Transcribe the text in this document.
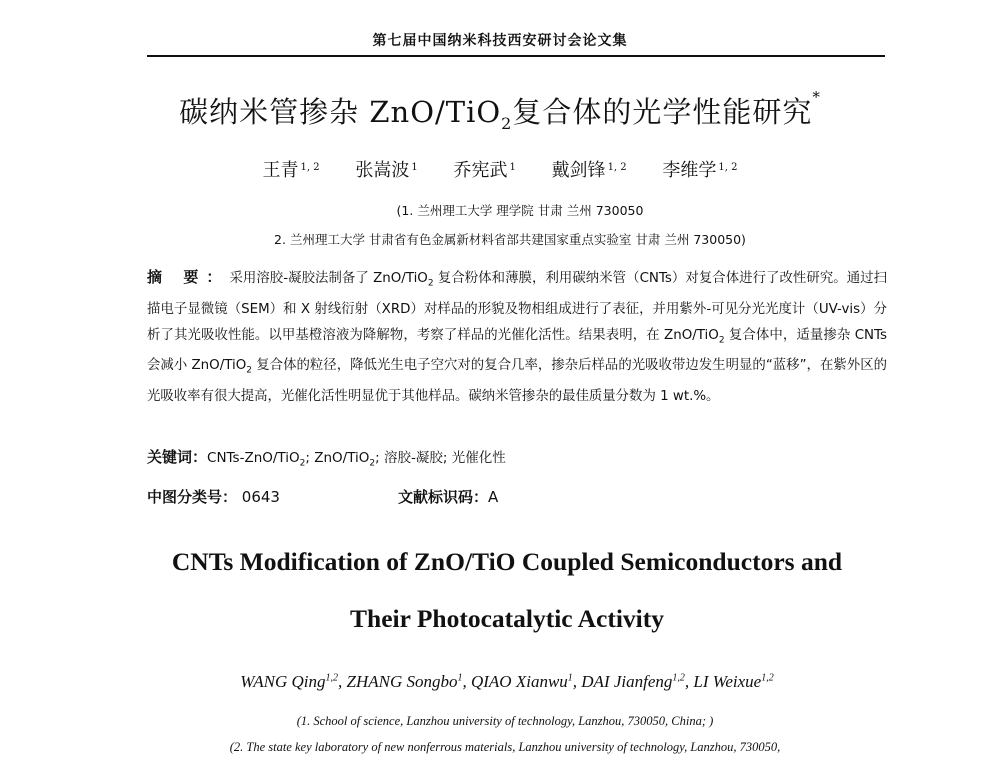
第七届中国纳米科技西安研讨会论文集
碳纳米管掺杂 ZnO/TiO$_2$复合体的光学性能研究*
王青 $^{1, 2}$ 张嵩波 $^1$ 乔宪武 $^1$ 戴剑锋 $^{1, 2}$ 李维学 $^{1, 2}$
(1. 兰州理工大学 理学院 甘肃 兰州 730050
2. 兰州理工大学 甘肃省有色金属新材料省部共建国家重点实验室 甘肃 兰州 730050)
摘 要：采用溶胶-凝胶法制备了 ZnO/TiO$_2$ 复合粉体和薄膜，利用碳纳米管（CNTs）对复合体进行了改性研究。通过扫描电子显微镜（SEM）和 X 射线衍射（XRD）对样品的形貌及物相组成进行了表征，并用紫外-可见分光光度计（UV-vis）分析了其光吸收性能。以甲基橙溶液为降解物，考察了样品的光催化活性。结果表明，在 ZnO/TiO$_2$ 复合体中，适量掺杂 CNTs 会减小 ZnO/TiO$_2$ 复合体的粒径，降低光生电子空穴对的复合几率，掺杂后样品的光吸收带边发生明显的“蓝移”，在紫外区的光吸收率有很大提高，光催化活性明显优于其他样品。碳纳米管掺杂的最佳质量分数为 1 wt.%。
关键词：CNTs-ZnO/TiO$_2$; ZnO/TiO$_2$; 溶胶-凝胶; 光催化性
中图分类号： 0643	文献标识码：A
CNTs Modification of ZnO/TiO Coupled Semiconductors and
Their Photocatalytic Activity
WANG Qing$^{1,2}$, ZHANG Songbo$^1$, QIAO Xianwu$^1$, DAI Jianfeng$^{1,2}$, LI Weixue$^{1,2}$
(1. School of science, Lanzhou university of technology, Lanzhou, 730050, China; )
(2. The state key laboratory of new nonferrous materials, Lanzhou university of technology, Lanzhou, 730050,
